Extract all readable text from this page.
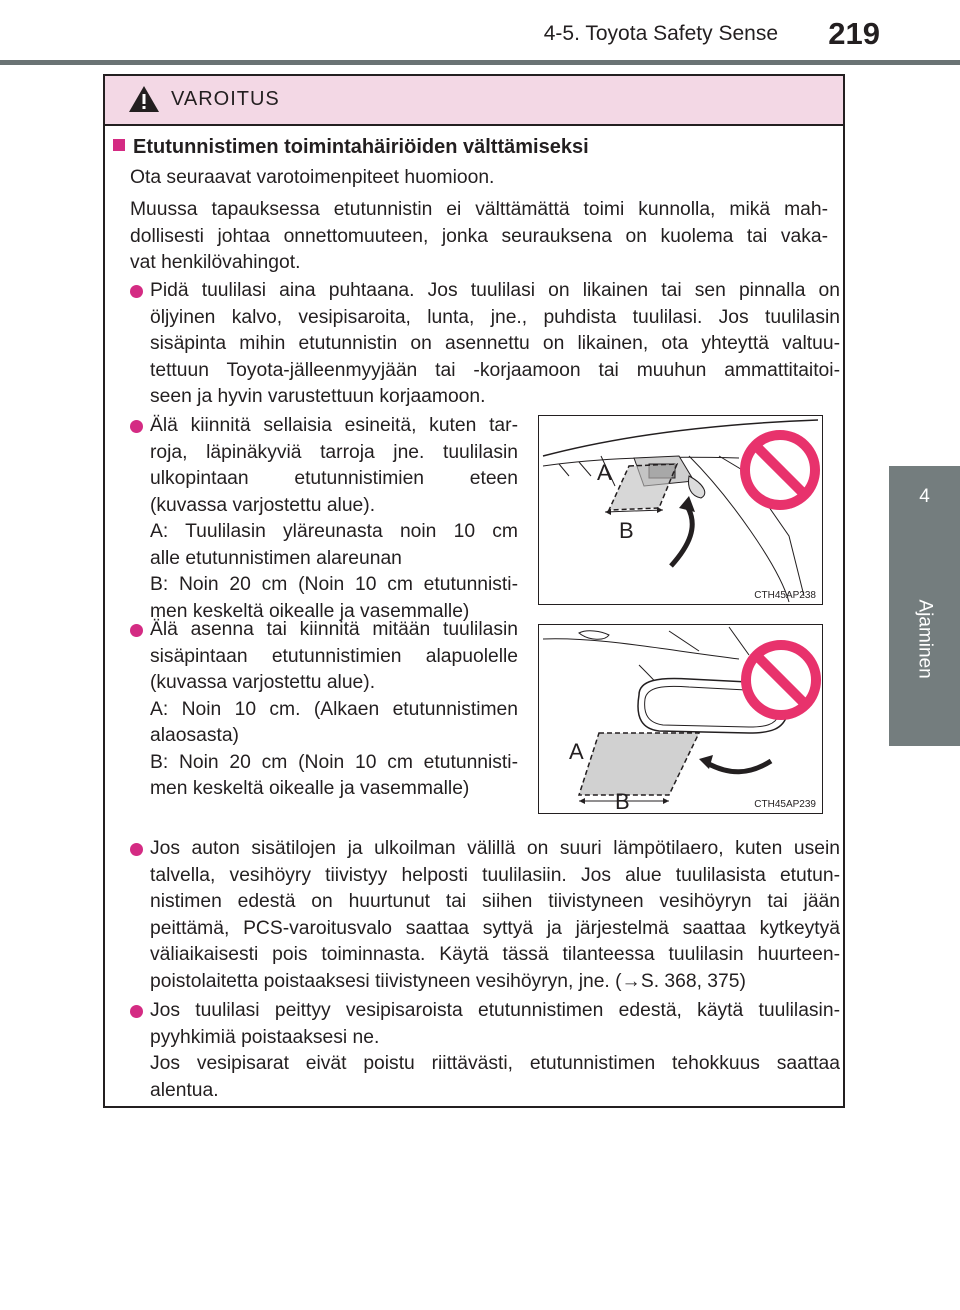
4-5. Toyota Safety Sense	219
4
Ajaminen
VAROITUS
Etutunnistimen toimintahäiriöiden välttämiseksi
Ota seuraavat varotoimenpiteet huomioon.
Muussa tapauksessa etutunnistin ei välttämättä toimi kunnolla, mikä mah-
dollisesti johtaa onnettomuuteen, jonka seurauksena on kuolema tai vaka-
vat henkilövahingot.
Pidä tuulilasi aina puhtaana. Jos tuulilasi on likainen tai sen pinnalla on
öljyinen kalvo, vesipisaroita, lunta, jne., puhdista tuulilasi. Jos tuulilasin
sisäpinta mihin etutunnistin on asennettu on likainen, ota yhteyttä valtuu-
tettuun Toyota-jälleenmyyjään tai -korjaamoon tai muuhun ammattitaitoi-
seen ja hyvin varustettuun korjaamoon.
Älä kiinnitä sellaisia esineitä, kuten tar-
roja, läpinäkyviä tarroja jne. tuulilasin
ulkopintaan etutunnistimien eteen
(kuvassa varjostettu alue).
A: Tuulilasin yläreunasta noin 10 cm
alle etutunnistimen alareunan
B: Noin 20 cm (Noin 10 cm etutunnisti-
men keskeltä oikealle ja vasemmalle)
A
B
CTH45AP238
Älä asenna tai kiinnitä mitään tuulilasin
sisäpintaan etutunnistimien alapuolelle
(kuvassa varjostettu alue).
A: Noin 10 cm. (Alkaen etutunnistimen
alaosasta)
B: Noin 20 cm (Noin 10 cm etutunnisti-
men keskeltä oikealle ja vasemmalle)
A
B	CTH45AP239
Jos auton sisätilojen ja ulkoilman välillä on suuri lämpötilaero, kuten usein
talvella, vesihöyry tiivistyy helposti tuulilasiin. Jos alue tuulilasista etutun-
nistimen edestä on huurtunut tai siihen tiivistyneen vesihöyryn tai jään
peittämä, PCS-varoitusvalo saattaa syttyä ja järjestelmä saattaa kytkeytyä
väliaikaisesti pois toiminnasta. Käytä tässä tilanteessa tuulilasin huurteen-
poistolaitetta poistaaksesi tiivistyneen vesihöyryn, jne. (→S. 368, 375)
Jos tuulilasi peittyy vesipisaroista etutunnistimen edestä, käytä tuulilasin-
pyyhkimiä poistaaksesi ne.
Jos vesipisarat eivät poistu riittävästi, etutunnistimen tehokkuus saattaa
alentua.
